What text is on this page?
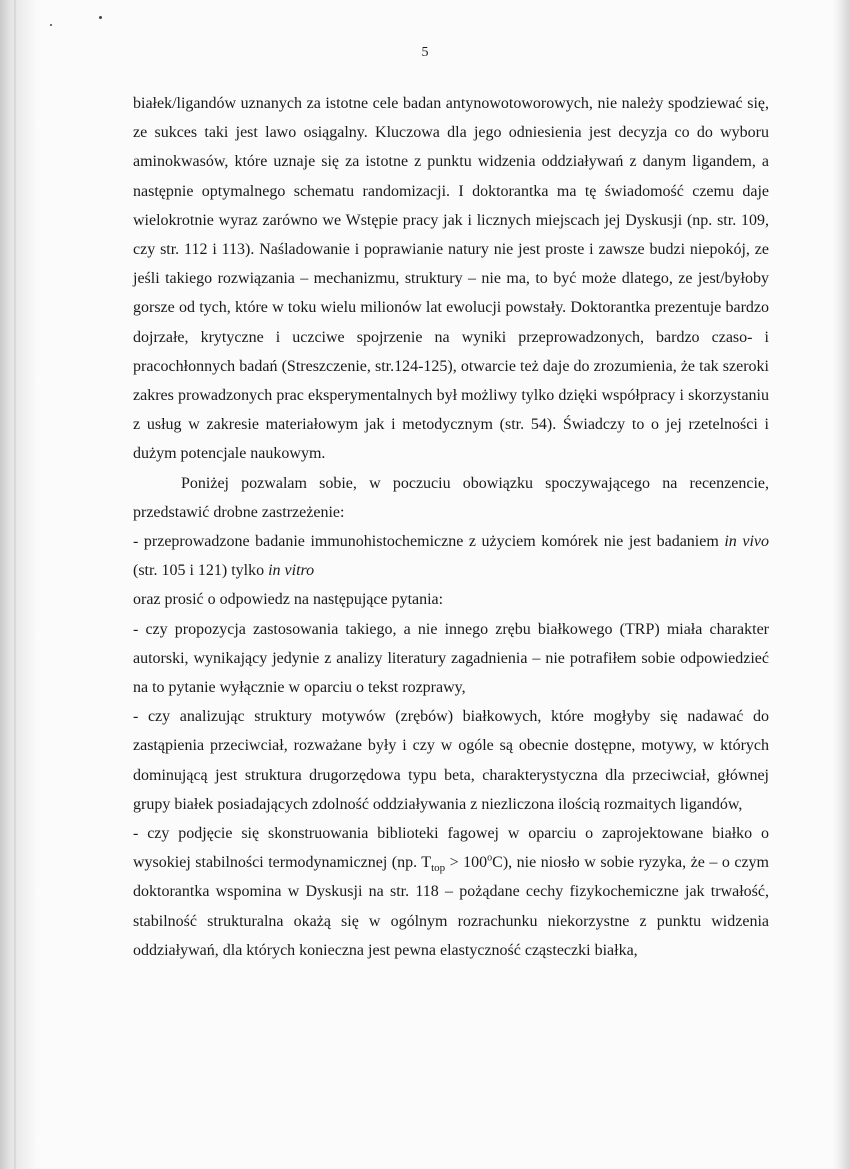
5

białek/ligandów uznanych za istotne cele badan antynowotoworowych, nie należy spodziewać się, ze sukces taki jest lawo osiągalny. Kluczowa dla jego odniesienia jest decyzja co do wyboru aminokwasów, które uznaje się za istotne z punktu widzenia oddziaływań z danym ligandem, a następnie optymalnego schematu randomizacji. I doktorantka ma tę świadomość czemu daje wielokrotnie wyraz zarówno we Wstępie pracy jak i licznych miejscach jej Dyskusji (np. str. 109, czy str. 112 i 113). Naśladowanie i poprawianie natury nie jest proste i zawsze budzi niepokój, ze jeśli takiego rozwiązania – mechanizmu, struktury – nie ma, to być może dlatego, ze jest/byłoby gorsze od tych, które w toku wielu milionów lat ewolucji powstały. Doktorantka prezentuje bardzo dojrzałe, krytyczne i uczciwe spojrzenie na wyniki przeprowadzonych, bardzo czaso- i pracochłonnych badań (Streszczenie, str.124-125), otwarcie też daje do zrozumienia, że tak szeroki zakres prowadzonych prac eksperymentalnych był możliwy tylko dzięki współpracy i skorzystaniu z usług w zakresie materiałowym jak i metodycznym (str. 54). Świadczy to o jej rzetelności i dużym potencjale naukowym.

Poniżej pozwalam sobie, w poczuciu obowiązku spoczywającego na recenzencie, przedstawić drobne zastrzeżenie:

- przeprowadzone badanie immunohistochemiczne z użyciem komórek nie jest badaniem in vivo (str. 105 i 121) tylko in vitro

oraz prosić o odpowiedz na następujące pytania:

- czy propozycja zastosowania takiego, a nie innego zrębu białkowego (TRP) miała charakter autorski, wynikający jedynie z analizy literatury zagadnienia – nie potrafiłem sobie odpowiedzieć na to pytanie wyłącznie w oparciu o tekst rozprawy,

- czy analizując struktury motywów (zrębów) białkowych, które mogłyby się nadawać do zastąpienia przeciwciał, rozważane były i czy w ogóle są obecnie dostępne, motywy, w których dominującą jest struktura drugorzędowa typu beta, charakterystyczna dla przeciwciał, głównej grupy białek posiadających zdolność oddziaływania z niezliczona ilością rozmaitych ligandów,

- czy podjęcie się skonstruowania biblioteki fagowej w oparciu o zaprojektowane białko o wysokiej stabilności termodynamicznej (np. $T_{top} > 100^oC$), nie niosło w sobie ryzyka, że – o czym doktorantka wspomina w Dyskusji na str. 118 – pożądane cechy fizykochemiczne jak trwałość, stabilność strukturalna okażą się w ogólnym rozrachunku niekorzystne z punktu widzenia oddziaływań, dla których konieczna jest pewna elastyczność cząsteczki białka,
